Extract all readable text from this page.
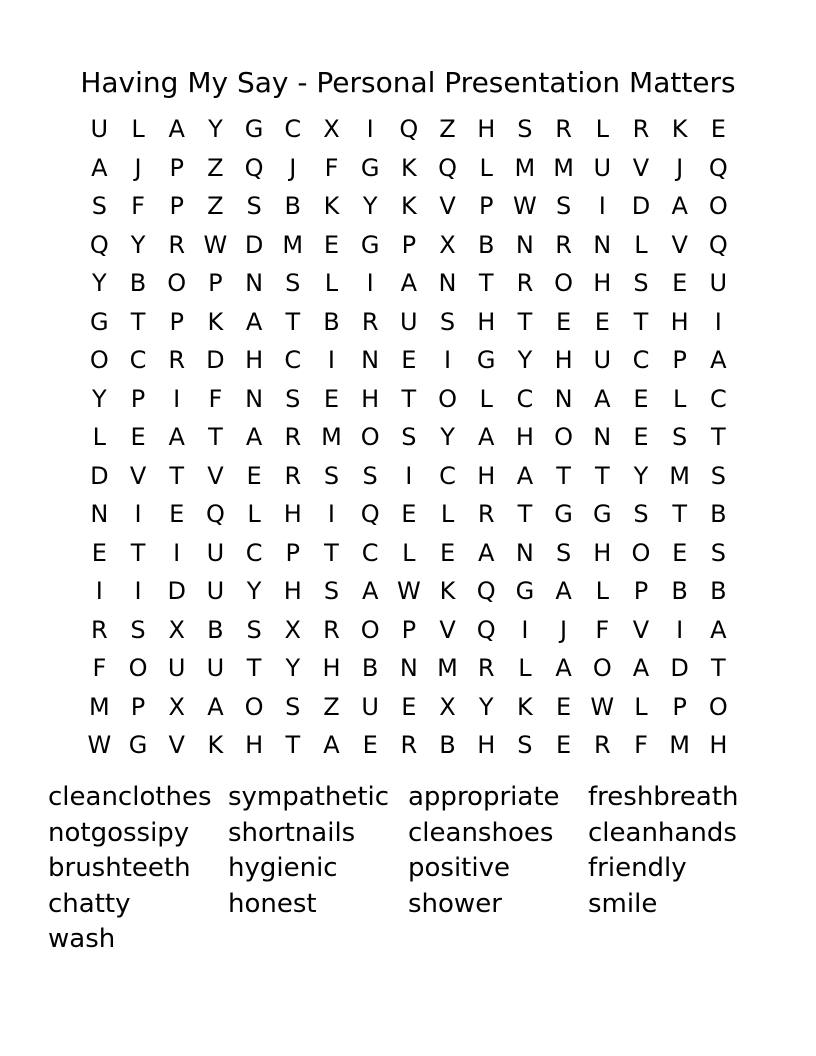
Having My Say - Personal Presentation Matters
U L A Y G C X	I	Q Z H S R L R K E
A	J	P Z Q	J	F G K Q L M M U V	J	Q
S	F	P Z S B K Y K V P W S	I	D A O
Q Y R W D M E G P X B N R N L V Q
Y B O P N S	L	I	A N T R O H S E U
G T	P K A T B R U S H T E E T H	I
O C R D H C	I	N E	I	G Y H U C P A
Y	P	I	F N S E H T O L C N A E	L C
L	E A T A R M O S Y A H O N E S T
D V T V E R S S	I	C H A T	T	Y M S
N	I	E Q L H	I	Q E	L R T G G S T B
E T	I	U C P	T C L	E A N S H O E S
I	I	D U Y H S A W K Q G A L	P B B
R S X B S X R O P V Q	I	J	F V	I	A
F O U U T	Y H B N M R L A O A D T
M P X A O S Z U E X Y K E W L	P O
W G V K H T A E R B H S E R F M H
cleanclothes sympathetic appropriate	freshbreath
notgossipy	shortnails	cleanshoes	cleanhands
brushteeth	hygienic	positive	friendly
chatty	honest	shower	smile
wash
